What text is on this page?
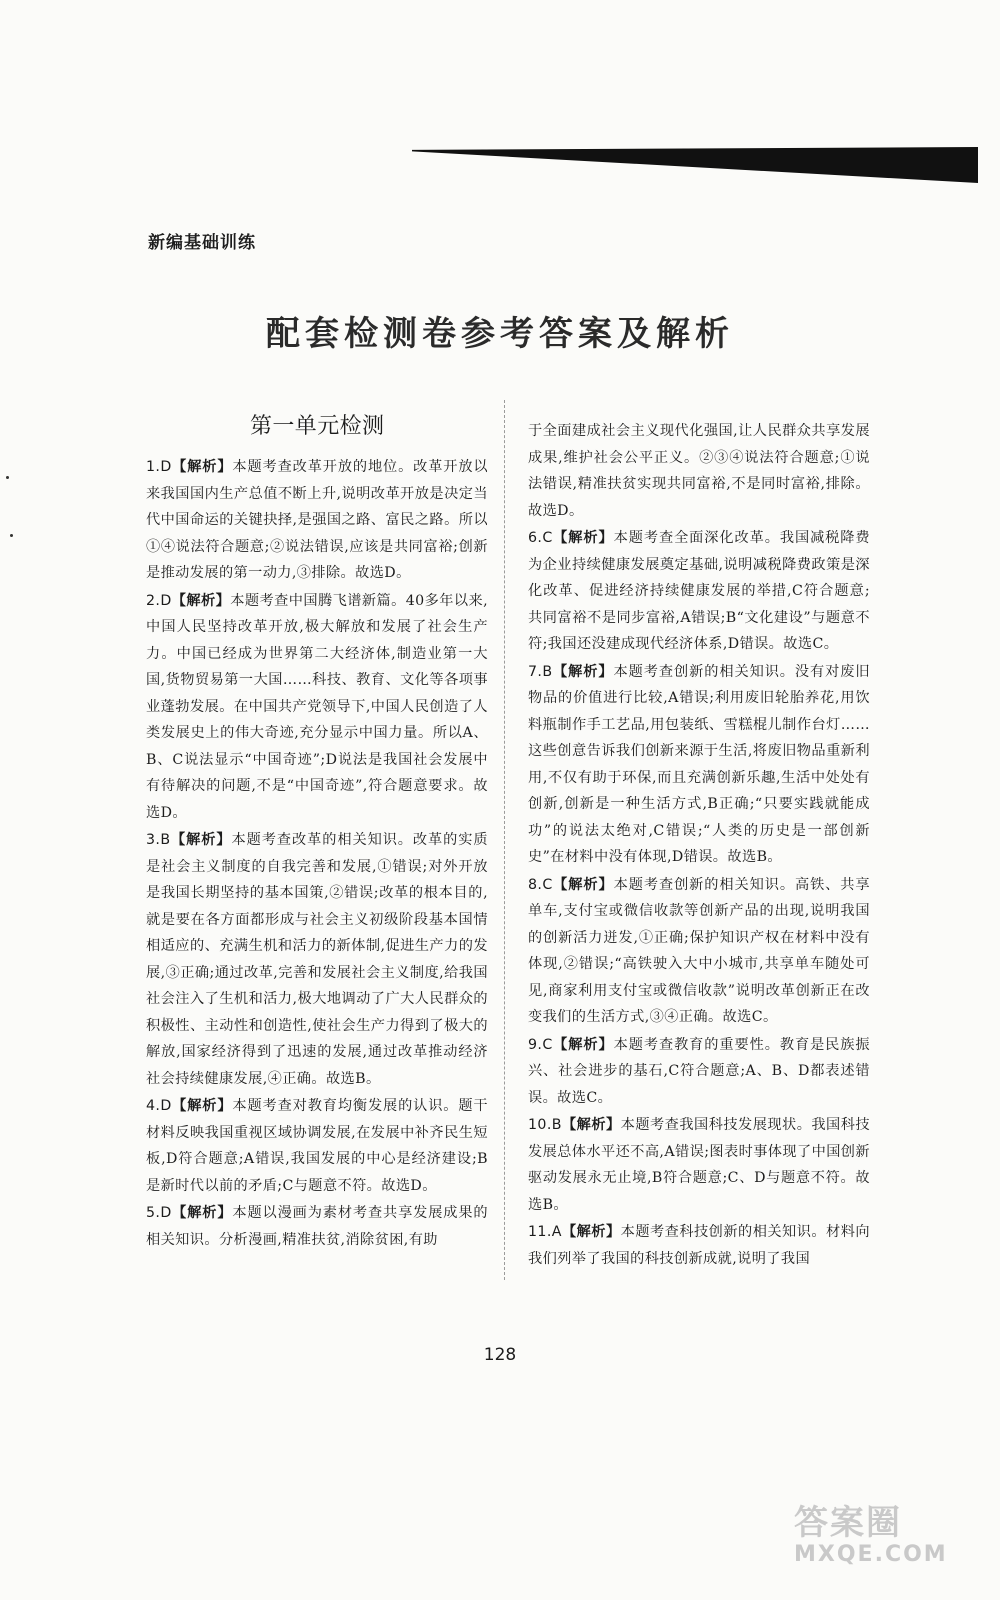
新编基础训练
配套检测卷参考答案及解析
第一单元检测
1.D【解析】本题考查改革开放的地位。改革开放以来我国国内生产总值不断上升,说明改革开放是决定当代中国命运的关键抉择,是强国之路、富民之路。所以①④说法符合题意;②说法错误,应该是共同富裕;创新是推动发展的第一动力,③排除。故选D。
2.D【解析】本题考查中国腾飞谱新篇。40多年以来,中国人民坚持改革开放,极大解放和发展了社会生产力。中国已经成为世界第二大经济体,制造业第一大国,货物贸易第一大国……科技、教育、文化等各项事业蓬勃发展。在中国共产党领导下,中国人民创造了人类发展史上的伟大奇迹,充分显示中国力量。所以A、B、C说法显示“中国奇迹”;D说法是我国社会发展中有待解决的问题,不是“中国奇迹”,符合题意要求。故选D。
3.B【解析】本题考查改革的相关知识。改革的实质是社会主义制度的自我完善和发展,①错误;对外开放是我国长期坚持的基本国策,②错误;改革的根本目的,就是要在各方面都形成与社会主义初级阶段基本国情相适应的、充满生机和活力的新体制,促进生产力的发展,③正确;通过改革,完善和发展社会主义制度,给我国社会注入了生机和活力,极大地调动了广大人民群众的积极性、主动性和创造性,使社会生产力得到了极大的解放,国家经济得到了迅速的发展,通过改革推动经济社会持续健康发展,④正确。故选B。
4.D【解析】本题考查对教育均衡发展的认识。题干材料反映我国重视区域协调发展,在发展中补齐民生短板,D符合题意;A错误,我国发展的中心是经济建设;B是新时代以前的矛盾;C与题意不符。故选D。
5.D【解析】本题以漫画为素材考查共享发展成果的相关知识。分析漫画,精准扶贫,消除贫困,有助
于全面建成社会主义现代化强国,让人民群众共享发展成果,维护社会公平正义。②③④说法符合题意;①说法错误,精准扶贫实现共同富裕,不是同时富裕,排除。故选D。
6.C【解析】本题考查全面深化改革。我国减税降费为企业持续健康发展奠定基础,说明减税降费政策是深化改革、促进经济持续健康发展的举措,C符合题意;共同富裕不是同步富裕,A错误;B“文化建设”与题意不符;我国还没建成现代经济体系,D错误。故选C。
7.B【解析】本题考查创新的相关知识。没有对废旧物品的价值进行比较,A错误;利用废旧轮胎养花,用饮料瓶制作手工艺品,用包装纸、雪糕棍儿制作台灯……这些创意告诉我们创新来源于生活,将废旧物品重新利用,不仅有助于环保,而且充满创新乐趣,生活中处处有创新,创新是一种生活方式,B正确;“只要实践就能成功”的说法太绝对,C错误;“人类的历史是一部创新史”在材料中没有体现,D错误。故选B。
8.C【解析】本题考查创新的相关知识。高铁、共享单车,支付宝或微信收款等创新产品的出现,说明我国的创新活力迸发,①正确;保护知识产权在材料中没有体现,②错误;“高铁驶入大中小城市,共享单车随处可见,商家利用支付宝或微信收款”说明改革创新正在改变我们的生活方式,③④正确。故选C。
9.C【解析】本题考查教育的重要性。教育是民族振兴、社会进步的基石,C符合题意;A、B、D都表述错误。故选C。
10.B【解析】本题考查我国科技发展现状。我国科技发展总体水平还不高,A错误;图表时事体现了中国创新驱动发展永无止境,B符合题意;C、D与题意不符。故选B。
11.A【解析】本题考查科技创新的相关知识。材料向我们列举了我国的科技创新成就,说明了我国
128
答案圈
MXQE.COM
